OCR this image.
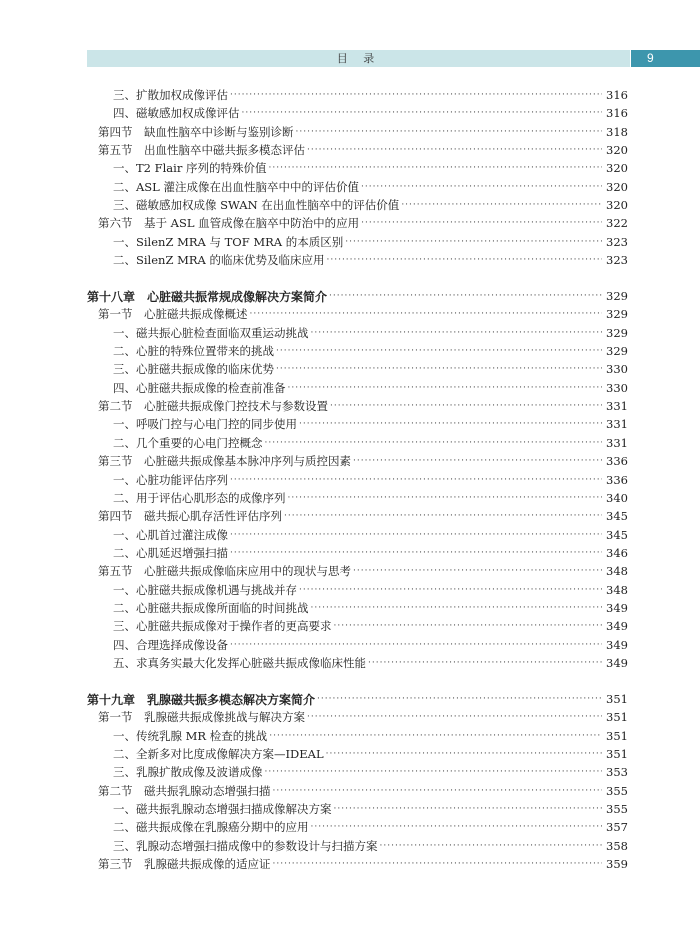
目 录	9
三、扩散加权成像评估 ·····	316
四、磁敏感加权成像评估 ·····	316
第四节　缺血性脑卒中诊断与鉴别诊断 ·····	318
第五节　出血性脑卒中磁共振多模态评估 ·····	320
一、T2 Flair 序列的特殊价值 ·····	320
二、ASL 灌注成像在出血性脑卒中中的评估价值 ·····	320
三、磁敏感加权成像 SWAN 在出血性脑卒中的评估价值 ·····	320
第六节　基于 ASL 血管成像在脑卒中防治中的应用 ·····	322
一、SilenZ MRA 与 TOF MRA 的本质区别 ·····	323
二、SilenZ MRA 的临床优势及临床应用 ·····	323
第十八章　心脏磁共振常规成像解决方案简介 ·····	329
第一节　心脏磁共振成像概述 ·····	329
一、磁共振心脏检查面临双重运动挑战 ·····	329
二、心脏的特殊位置带来的挑战 ·····	329
三、心脏磁共振成像的临床优势 ·····	330
四、心脏磁共振成像的检查前准备 ·····	330
第二节　心脏磁共振成像门控技术与参数设置 ·····	331
一、呼吸门控与心电门控的同步使用 ·····	331
二、几个重要的心电门控概念 ·····	331
第三节　心脏磁共振成像基本脉冲序列与质控因素 ·····	336
一、心脏功能评估序列 ·····	336
二、用于评估心肌形态的成像序列 ·····	340
第四节　磁共振心肌存活性评估序列 ·····	345
一、心肌首过灌注成像 ·····	345
二、心肌延迟增强扫描 ·····	346
第五节　心脏磁共振成像临床应用中的现状与思考 ·····	348
一、心脏磁共振成像机遇与挑战并存 ·····	348
二、心脏磁共振成像所面临的时间挑战 ·····	349
三、心脏磁共振成像对于操作者的更高要求 ·····	349
四、合理选择成像设备 ·····	349
五、求真务实最大化发挥心脏磁共振成像临床性能 ·····	349
第十九章　乳腺磁共振多模态解决方案简介 ·····	351
第一节　乳腺磁共振成像挑战与解决方案 ·····	351
一、传统乳腺 MR 检查的挑战 ·····	351
二、全新多对比度成像解决方案—IDEAL ·····	351
三、乳腺扩散成像及波谱成像 ·····	353
第二节　磁共振乳腺动态增强扫描 ·····	355
一、磁共振乳腺动态增强扫描成像解决方案 ·····	355
二、磁共振成像在乳腺癌分期中的应用 ·····	357
三、乳腺动态增强扫描成像中的参数设计与扫描方案 ·····	358
第三节　乳腺磁共振成像的适应证 ·····	359
